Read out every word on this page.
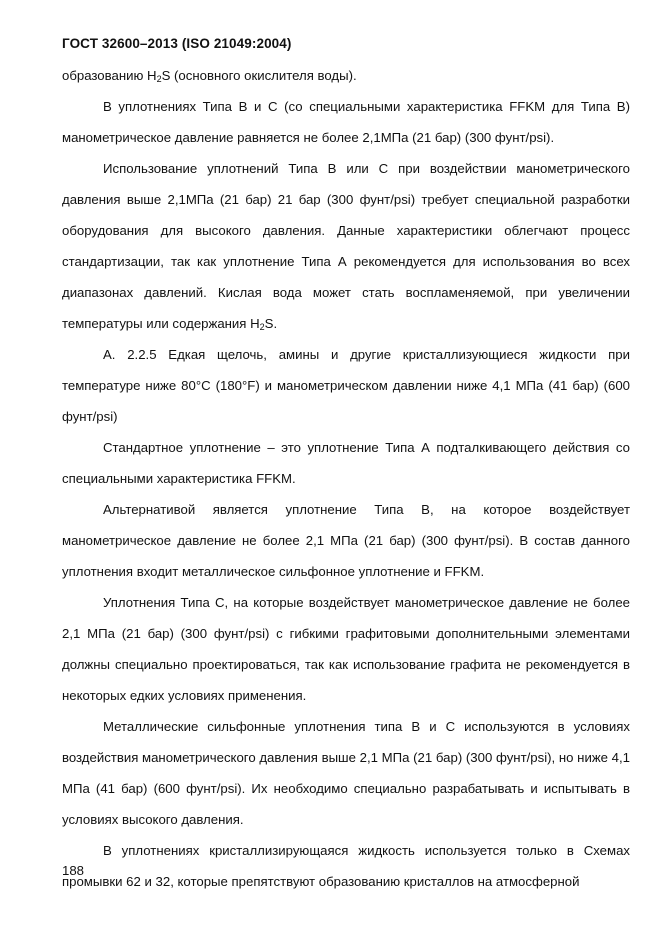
ГОСТ 32600–2013 (ISO 21049:2004)

образованию $H_2S$ (основного окислителя воды).

В уплотнениях Типа В и С (со специальными характеристика FFKM для Типа В) манометрическое давление равняется не более 2,1МПа (21 бар) (300 фунт/psi).

Использование уплотнений Типа В или С при воздействии манометрического давления выше 2,1МПа (21 бар) 21 бар (300 фунт/psi) требует специальной разработки оборудования для высокого давления. Данные характеристики облегчают процесс стандартизации, так как уплотнение Типа А рекомендуется для использования во всех диапазонах давлений. Кислая вода может стать воспламеняемой, при увеличении температуры или содержания $H_2S$.

А. 2.2.5 Едкая щелочь, амины и другие кристаллизующиеся жидкости при температуре ниже 80°С (180°F) и манометрическом давлении ниже 4,1 МПа (41 бар) (600 фунт/psi)

Стандартное уплотнение – это уплотнение Типа А подталкивающего действия со специальными характеристика FFKM.

Альтернативой является уплотнение Типа В, на которое воздействует манометрическое давление не более 2,1 МПа (21 бар) (300 фунт/psi). В состав данного уплотнения входит металлическое сильфонное уплотнение и FFKM.

Уплотнения Типа С, на которые воздействует манометрическое давление не более 2,1 МПа (21 бар) (300 фунт/psi) с гибкими графитовыми дополнительными элементами должны специально проектироваться, так как использование графита не рекомендуется в некоторых едких условиях применения.

Металлические сильфонные уплотнения типа В и С используются в условиях воздействия манометрического давления выше 2,1 МПа (21 бар) (300 фунт/psi), но ниже 4,1 МПа (41 бар) (600 фунт/psi). Их необходимо специально разрабатывать и испытывать в условиях высокого давления.

В уплотнениях кристаллизирующаяся жидкость используется только в Схемах промывки 62 и 32, которые препятствуют образованию кристаллов на атмосферной

188
